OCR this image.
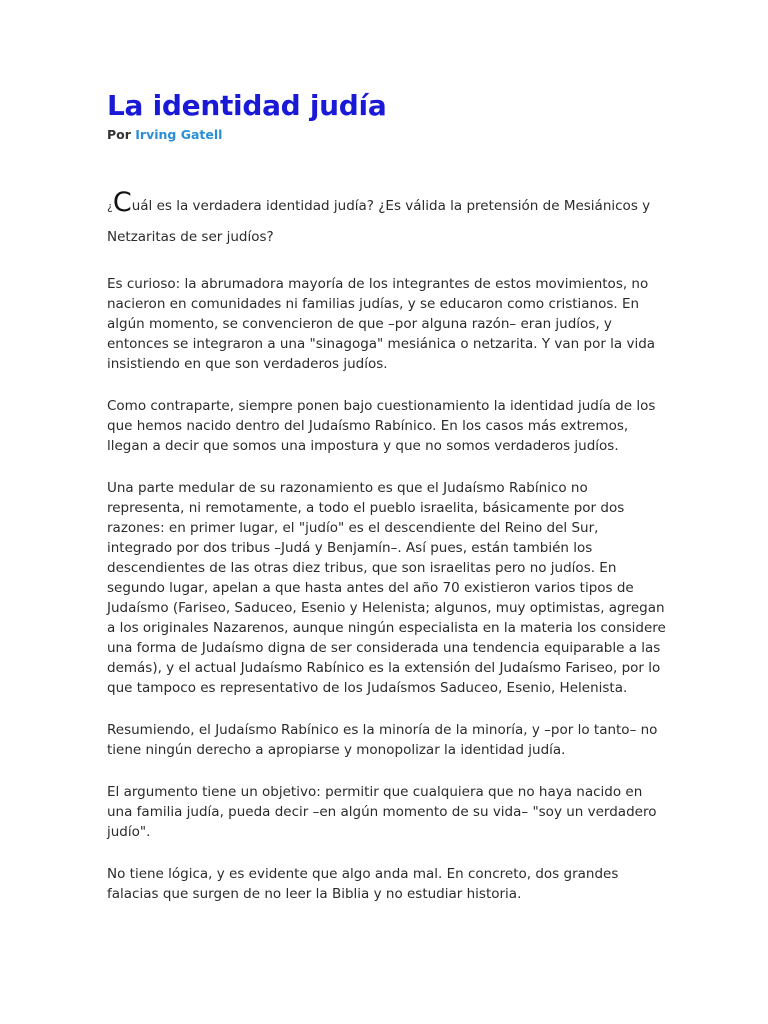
La identidad judía

Por Irving Gatell

¿Cuál es la verdadera identidad judía? ¿Es válida la pretensión de Mesiánicos y Netzaritas de ser judíos?

Es curioso: la abrumadora mayoría de los integrantes de estos movimientos, no nacieron en comunidades ni familias judías, y se educaron como cristianos. En algún momento, se convencieron de que –por alguna razón– eran judíos, y entonces se integraron a una "sinagoga" mesiánica o netzarita. Y van por la vida insistiendo en que son verdaderos judíos.

Como contraparte, siempre ponen bajo cuestionamiento la identidad judía de los que hemos nacido dentro del Judaísmo Rabínico. En los casos más extremos, llegan a decir que somos una impostura y que no somos verdaderos judíos.

Una parte medular de su razonamiento es que el Judaísmo Rabínico no representa, ni remotamente, a todo el pueblo israelita, básicamente por dos razones: en primer lugar, el "judío" es el descendiente del Reino del Sur, integrado por dos tribus –Judá y Benjamín–. Así pues, están también los descendientes de las otras diez tribus, que son israelitas pero no judíos. En segundo lugar, apelan a que hasta antes del año 70 existieron varios tipos de Judaísmo (Fariseo, Saduceo, Esenio y Helenista; algunos, muy optimistas, agregan a los originales Nazarenos, aunque ningún especialista en la materia los considere una forma de Judaísmo digna de ser considerada una tendencia equiparable a las demás), y el actual Judaísmo Rabínico es la extensión del Judaísmo Fariseo, por lo que tampoco es representativo de los Judaísmos Saduceo, Esenio, Helenista.

Resumiendo, el Judaísmo Rabínico es la minoría de la minoría, y –por lo tanto– no tiene ningún derecho a apropiarse y monopolizar la identidad judía.

El argumento tiene un objetivo: permitir que cualquiera que no haya nacido en una familia judía, pueda decir –en algún momento de su vida– "soy un verdadero judío".

No tiene lógica, y es evidente que algo anda mal. En concreto, dos grandes falacias que surgen de no leer la Biblia y no estudiar historia.
